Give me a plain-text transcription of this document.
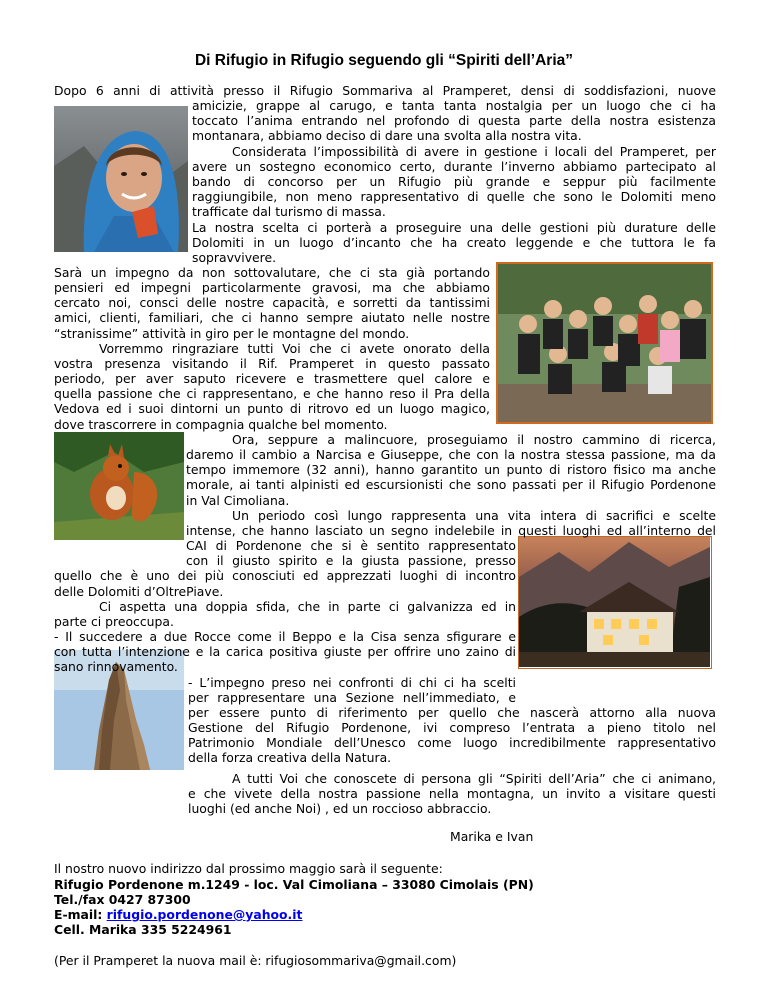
Di Rifugio in Rifugio seguendo gli “Spiriti dell’Aria”
Dopo 6 anni di attività presso il Rifugio Sommariva al Pramperet, densi di soddisfazioni, nuove
amicizie, grappe al carugo, e tanta tanta nostalgia per un luogo che ci ha
toccato l’anima entrando nel profondo di questa parte della nostra esistenza
montanara, abbiamo deciso di dare una svolta alla nostra vita.
Considerata l’impossibilità di avere in gestione i locali del Pramperet, per
avere un sostegno economico certo, durante l’inverno abbiamo partecipato al
bando di concorso per un Rifugio più grande e seppur più facilmente
raggiungibile, non meno rappresentativo di quelle che sono le Dolomiti meno
trafficate dal turismo di massa.
La nostra scelta ci porterà a proseguire una delle gestioni più durature delle
Dolomiti in un luogo d’incanto che ha creato leggende e che tuttora le fa
sopravvivere.
Sarà un impegno da non sottovalutare, che ci sta già portando
pensieri ed impegni particolarmente gravosi, ma che abbiamo
cercato noi, consci delle nostre capacità, e sorretti da tantissimi
amici, clienti, familiari, che ci hanno sempre aiutato nelle nostre
“stranissime” attività in giro per le montagne del mondo.
Vorremmo ringraziare tutti Voi che ci avete onorato della
vostra presenza visitando il Rif. Pramperet in questo passato
periodo, per aver saputo ricevere e trasmettere quel calore e
quella passione che ci rappresentano, e che hanno reso il Pra della
Vedova ed i suoi dintorni un punto di ritrovo ed un luogo magico,
dove trascorrere in compagnia qualche bel momento.
Ora, seppure a malincuore, proseguiamo il nostro cammino di ricerca,
daremo il cambio a Narcisa e Giuseppe, che con la nostra stessa passione, ma da
tempo immemore (32 anni), hanno garantito un punto di ristoro fisico ma anche
morale, ai tanti alpinisti ed escursionisti che sono passati per il Rifugio Pordenone
in Val Cimoliana.
Un periodo così lungo rappresenta una vita intera di sacrifici e scelte
intense, che hanno lasciato un segno indelebile in questi luoghi ed all’interno del
CAI di Pordenone che si è sentito rappresentato
con il giusto spirito e la giusta passione, presso
quello che è uno dei più conosciuti ed apprezzati luoghi di incontro
delle Dolomiti d’OltrePiave.
Ci aspetta una doppia sfida, che in parte ci galvanizza ed in
parte ci preoccupa.
- Il succedere a due Rocce come il Beppo e la Cisa senza sfigurare e
con tutta l’intenzione e la carica positiva giuste per offrire uno zaino di
sano rinnovamento.
- L’impegno preso nei confronti di chi ci ha scelti
per rappresentare una Sezione nell’immediato, e
per essere punto di riferimento per quello che nascerà attorno alla nuova
Gestione del Rifugio Pordenone, ivi compreso l’entrata a pieno titolo nel
Patrimonio Mondiale dell’Unesco come luogo incredibilmente rappresentativo
della forza creativa della Natura.
A tutti Voi che conoscete di persona gli “Spiriti dell’Aria” che ci animano,
e che vivete della nostra passione nella montagna, un invito a visitare questi
luoghi (ed anche Noi) , ed un roccioso abbraccio.
Marika e Ivan
Il nostro nuovo indirizzo dal prossimo maggio sarà il seguente:
Rifugio Pordenone m.1249 - loc. Val Cimoliana – 33080 Cimolais (PN)
Tel./fax 0427 87300
E-mail: rifugio.pordenone@yahoo.it
Cell. Marika 335 5224961
(Per il Pramperet la nuova mail è: rifugiosommariva@gmail.com)
